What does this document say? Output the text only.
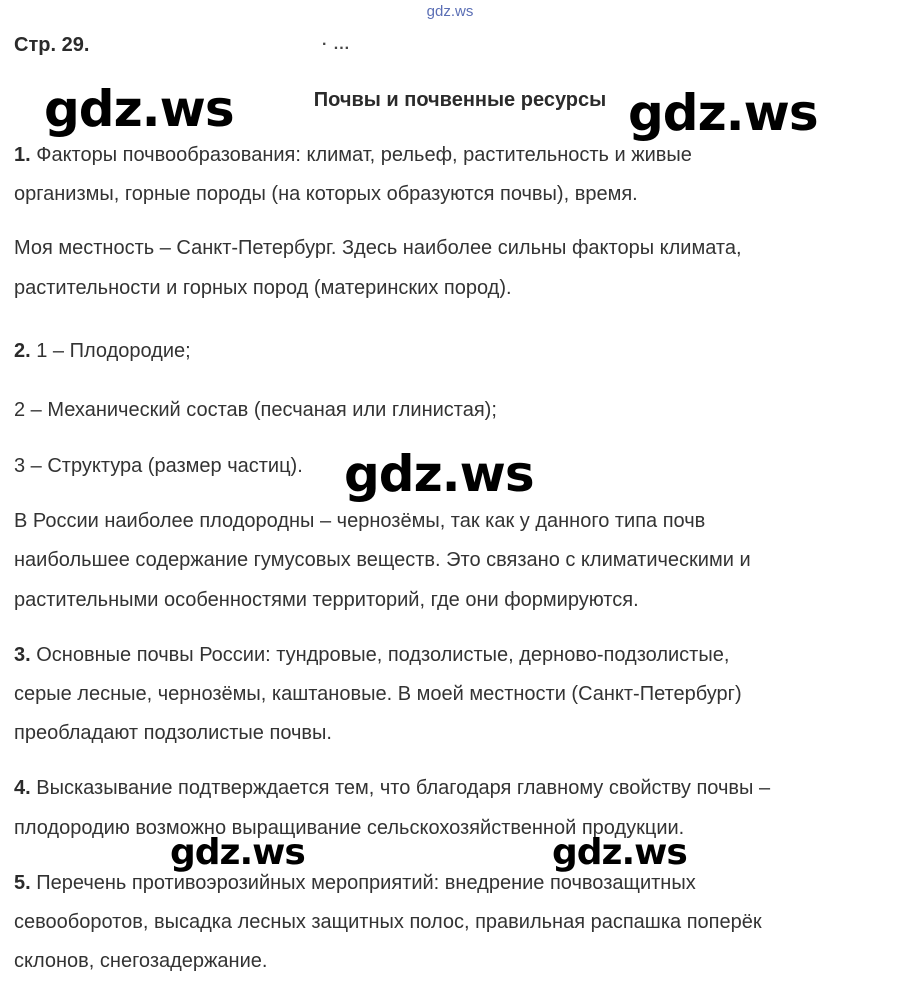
gdz.ws
Стр. 29.	· ...
Почвы и почвенные ресурсы
1. Факторы почвообразования: климат, рельеф, растительность и живые
организмы, горные породы (на которых образуются почвы), время.
Моя местность – Санкт-Петербург. Здесь наиболее сильны факторы климата,
растительности и горных пород (материнских пород).
2. 1 – Плодородие;
2 – Механический состав (песчаная или глинистая);
3 – Структура (размер частиц).
В России наиболее плодородны – чернозёмы, так как у данного типа почв
наибольшее содержание гумусовых веществ. Это связано с климатическими и
растительными особенностями территорий, где они формируются.
3. Основные почвы России: тундровые, подзолистые, дерново-подзолистые,
серые лесные, чернозёмы, каштановые. В моей местности (Санкт-Петербург)
преобладают подзолистые почвы.
4. Высказывание подтверждается тем, что благодаря главному свойству почвы –
плодородию возможно выращивание сельскохозяйственной продукции.
5. Перечень противоэрозийных мероприятий: внедрение почвозащитных
севооборотов, высадка лесных защитных полос, правильная распашка поперёк
склонов, снегозадержание.
gdz.ws	gdz.ws
gdz.ws
gdz.ws	gdz.ws
